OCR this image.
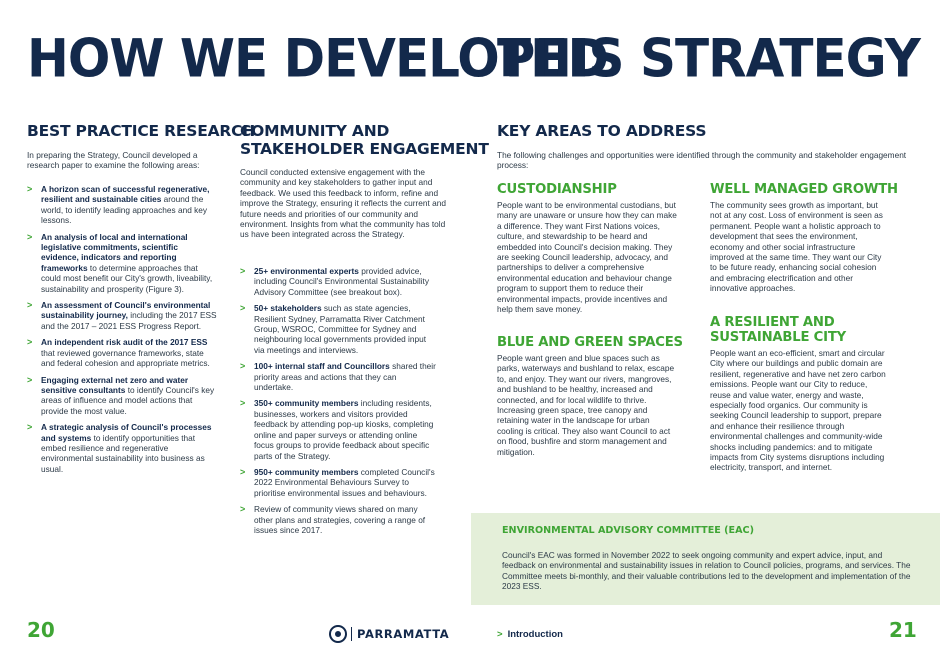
HOW WE DEVELOPED
THIS STRATEGY
BEST PRACTICE RESEARCH
In preparing the Strategy, Council developed a research paper to examine the following areas:
> A horizon scan of successful regenerative, resilient and sustainable cities around the world, to identify leading approaches and key lessons.
> An analysis of local and international legislative commitments, scientific evidence, indicators and reporting frameworks to determine approaches that could most benefit our City's growth, liveability, sustainability and prosperity (Figure 3).
> An assessment of Council's environmental sustainability journey, including the 2017 ESS and the 2017 – 2021 ESS Progress Report.
> An independent risk audit of the 2017 ESS that reviewed governance frameworks, state and federal cohesion and appropriate metrics.
> Engaging external net zero and water sensitive consultants to identify Council's key areas of influence and model actions that provide the most value.
> A strategic analysis of Council's processes and systems to identify opportunities that embed resilience and regenerative environmental sustainability into business as usual.
COMMUNITY AND
STAKEHOLDER ENGAGEMENT
Council conducted extensive engagement with the community and key stakeholders to gather input and feedback. We used this feedback to inform, refine and improve the Strategy, ensuring it reflects the current and future needs and priorities of our community and environment. Insights from what the community has told us have been integrated across the Strategy.
> 25+ environmental experts provided advice, including Council's Environmental Sustainability Advisory Committee (see breakout box).
> 50+ stakeholders such as state agencies, Resilient Sydney, Parramatta River Catchment Group, WSROC, Committee for Sydney and neighbouring local governments provided input via meetings and interviews.
> 100+ internal staff and Councillors shared their priority areas and actions that they can undertake.
> 350+ community members including residents, businesses, workers and visitors provided feedback by attending pop-up kiosks, completing online and paper surveys or attending online focus groups to provide feedback about specific parts of the Strategy.
> 950+ community members completed Council's 2022 Environmental Behaviours Survey to prioritise environmental issues and behaviours.
> Review of community views shared on many other plans and strategies, covering a range of issues since 2017.
KEY AREAS TO ADDRESS
The following challenges and opportunities were identified through the community and stakeholder engagement process:
CUSTODIANSHIP
People want to be environmental custodians, but many are unaware or unsure how they can make a difference. They want First Nations voices, culture, and stewardship to be heard and embedded into Council's decision making. They are seeking Council leadership, advocacy, and partnerships to deliver a comprehensive environmental education and behaviour change program to support them to reduce their environmental impacts, provide incentives and help them save money.
BLUE AND GREEN SPACES
People want green and blue spaces such as parks, waterways and bushland to relax, escape to, and enjoy. They want our rivers, mangroves, and bushland to be healthy, increased and connected, and for local wildlife to thrive. Increasing green space, tree canopy and retaining water in the landscape for urban cooling is critical. They also want Council to act on flood, bushfire and storm management and mitigation.
WELL MANAGED GROWTH
The community sees growth as important, but not at any cost. Loss of environment is seen as permanent. People want a holistic approach to development that sees the environment, economy and other social infrastructure improved at the same time. They want our City to be future ready, enhancing social cohesion and embracing electrification and other innovative approaches.
A RESILIENT AND
SUSTAINABLE CITY
People want an eco-efficient, smart and circular City where our buildings and public domain are resilient, regenerative and have net zero carbon emissions. People want our City to reduce, reuse and value water, energy and waste, especially food organics. Our community is seeking Council leadership to support, prepare and enhance their resilience through environmental challenges and community-wide shocks including pandemics: and to mitigate impacts from City systems disruptions including electricity, transport, and internet.
ENVIRONMENTAL ADVISORY COMMITTEE (EAC)
Council's EAC was formed in November 2022 to seek ongoing community and expert advice, input, and feedback on environmental and sustainability issues in relation to Council policies, programs, and services. The Committee meets bi-monthly, and their valuable contributions led to the development and implementation of the 2023 ESS.
20	PARRAMATTA	> Introduction	21
